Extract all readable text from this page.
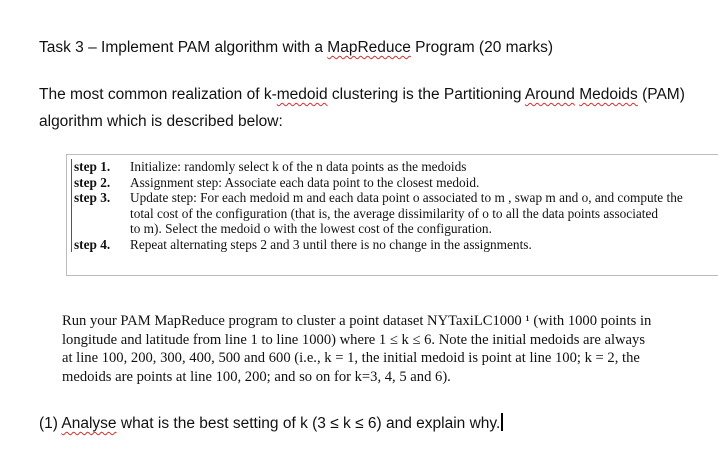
Task 3 – Implement PAM algorithm with a MapReduce Program (20 marks)
The most common realization of k-medoid clustering is the Partitioning Around Medoids (PAM)
algorithm which is described below:
step 1.	Initialize: randomly select k of the n data points as the medoids
step 2.	Assignment step: Associate each data point to the closest medoid.
step 3.	Update step: For each medoid m and each data point o associated to m , swap m and o, and compute the
total cost of the configuration (that is, the average dissimilarity of o to all the data points associated
to m). Select the medoid o with the lowest cost of the configuration.
step 4.	Repeat alternating steps 2 and 3 until there is no change in the assignments.
Run your PAM MapReduce program to cluster a point dataset NYTaxiLC1000 ¹ (with 1000 points in
longitude and latitude from line 1 to line 1000) where 1 ≤ k ≤ 6. Note the initial medoids are always
at line 100, 200, 300, 400, 500 and 600 (i.e., k = 1, the initial medoid is point at line 100; k = 2, the
medoids are points at line 100, 200; and so on for k=3, 4, 5 and 6).
(1) Analyse what is the best setting of k (3 ≤ k ≤ 6) and explain why.
